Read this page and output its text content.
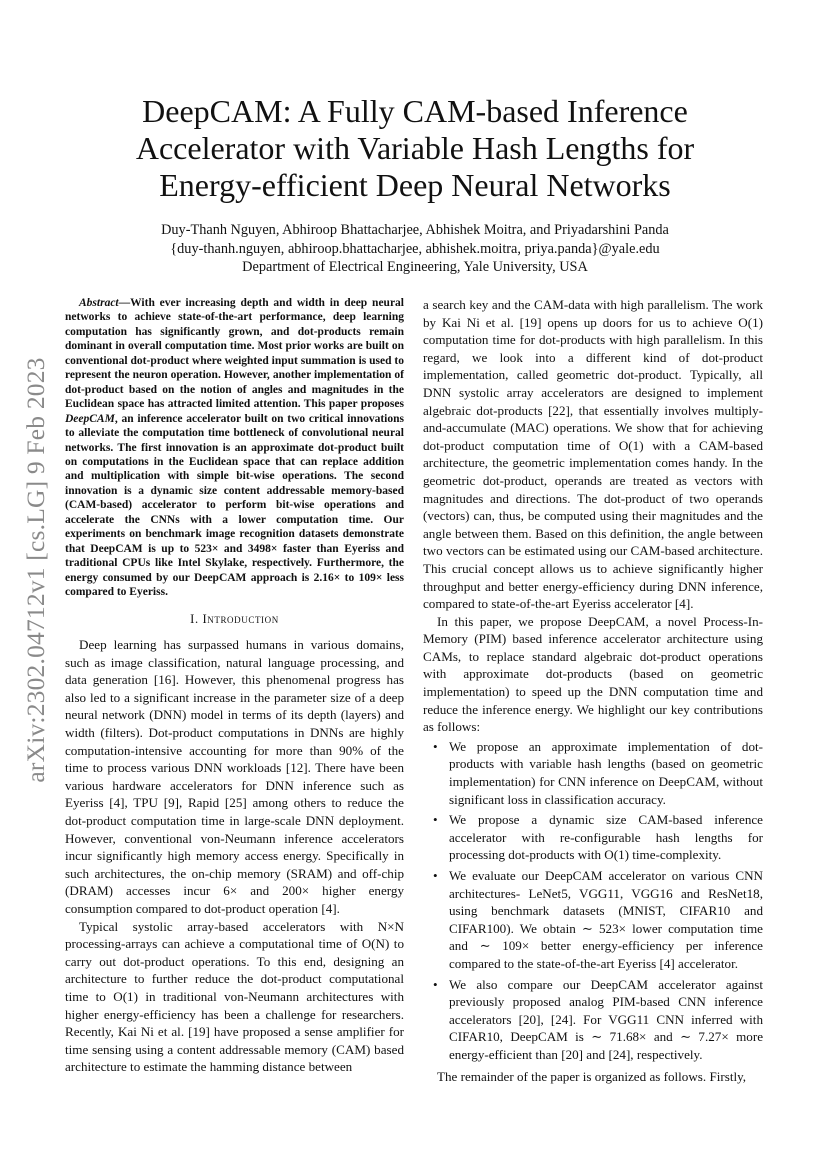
arXiv:2302.04712v1 [cs.LG] 9 Feb 2023
DeepCAM: A Fully CAM-based Inference
Accelerator with Variable Hash Lengths for
Energy-efficient Deep Neural Networks
Duy-Thanh Nguyen, Abhiroop Bhattacharjee, Abhishek Moitra, and Priyadarshini Panda
{duy-thanh.nguyen, abhiroop.bhattacharjee, abhishek.moitra, priya.panda}@yale.edu
Department of Electrical Engineering, Yale University, USA

Abstract—With ever increasing depth and width in deep neural networks to achieve state-of-the-art performance, deep learning computation has significantly grown, and dot-products remain dominant in overall computation time. Most prior works are built on conventional dot-product where weighted input summation is used to represent the neuron operation. However, another implementation of dot-product based on the notion of angles and magnitudes in the Euclidean space has attracted limited attention. This paper proposes DeepCAM, an inference accelerator built on two critical innovations to alleviate the computation time bottleneck of convolutional neural networks. The first innovation is an approximate dot-product built on computations in the Euclidean space that can replace addition and multiplication with simple bit-wise operations. The second innovation is a dynamic size content addressable memory-based (CAM-based) accelerator to perform bit-wise operations and accelerate the CNNs with a lower computation time. Our experiments on benchmark image recognition datasets demonstrate that DeepCAM is up to 523× and 3498× faster than Eyeriss and traditional CPUs like Intel Skylake, respectively. Furthermore, the energy consumed by our DeepCAM approach is 2.16× to 109× less compared to Eyeriss.

I. Introduction

Deep learning has surpassed humans in various domains, such as image classification, natural language processing, and data generation [16]. However, this phenomenal progress has also led to a significant increase in the parameter size of a deep neural network (DNN) model in terms of its depth (layers) and width (filters). Dot-product computations in DNNs are highly computation-intensive accounting for more than 90% of the time to process various DNN workloads [12]. There have been various hardware accelerators for DNN inference such as Eyeriss [4], TPU [9], Rapid [25] among others to reduce the dot-product computation time in large-scale DNN deployment. However, conventional von-Neumann inference accelerators incur significantly high memory access energy. Specifically in such architectures, the on-chip memory (SRAM) and off-chip (DRAM) accesses incur 6× and 200× higher energy consumption compared to dot-product operation [4].

Typical systolic array-based accelerators with N×N processing-arrays can achieve a computational time of O(N) to carry out dot-product operations. To this end, designing an architecture to further reduce the dot-product computational time to O(1) in traditional von-Neumann architectures with higher energy-efficiency has been a challenge for researchers. Recently, Kai Ni et al. [19] have proposed a sense amplifier for time sensing using a content addressable memory (CAM) based architecture to estimate the hamming distance between

a search key and the CAM-data with high parallelism. The work by Kai Ni et al. [19] opens up doors for us to achieve O(1) computation time for dot-products with high parallelism. In this regard, we look into a different kind of dot-product implementation, called geometric dot-product. Typically, all DNN systolic array accelerators are designed to implement algebraic dot-products [22], that essentially involves multiply-and-accumulate (MAC) operations. We show that for achieving dot-product computation time of O(1) with a CAM-based architecture, the geometric implementation comes handy. In the geometric dot-product, operands are treated as vectors with magnitudes and directions. The dot-product of two operands (vectors) can, thus, be computed using their magnitudes and the angle between them. Based on this definition, the angle between two vectors can be estimated using our CAM-based architecture. This crucial concept allows us to achieve significantly higher throughput and better energy-efficiency during DNN inference, compared to state-of-the-art Eyeriss accelerator [4].

In this paper, we propose DeepCAM, a novel Process-In-Memory (PIM) based inference accelerator architecture using CAMs, to replace standard algebraic dot-product operations with approximate dot-products (based on geometric implementation) to speed up the DNN computation time and reduce the inference energy. We highlight our key contributions as follows:

• We propose an approximate implementation of dot-products with variable hash lengths (based on geometric implementation) for CNN inference on DeepCAM, without significant loss in classification accuracy.
• We propose a dynamic size CAM-based inference accelerator with re-configurable hash lengths for processing dot-products with O(1) time-complexity.
• We evaluate our DeepCAM accelerator on various CNN architectures- LeNet5, VGG11, VGG16 and ResNet18, using benchmark datasets (MNIST, CIFAR10 and CIFAR100). We obtain ∼ 523× lower computation time and ∼ 109× better energy-efficiency per inference compared to the state-of-the-art Eyeriss [4] accelerator.
• We also compare our DeepCAM accelerator against previously proposed analog PIM-based CNN inference accelerators [20], [24]. For VGG11 CNN inferred with CIFAR10, DeepCAM is ∼ 71.68× and ∼ 7.27× more energy-efficient than [20] and [24], respectively.

The remainder of the paper is organized as follows. Firstly,
